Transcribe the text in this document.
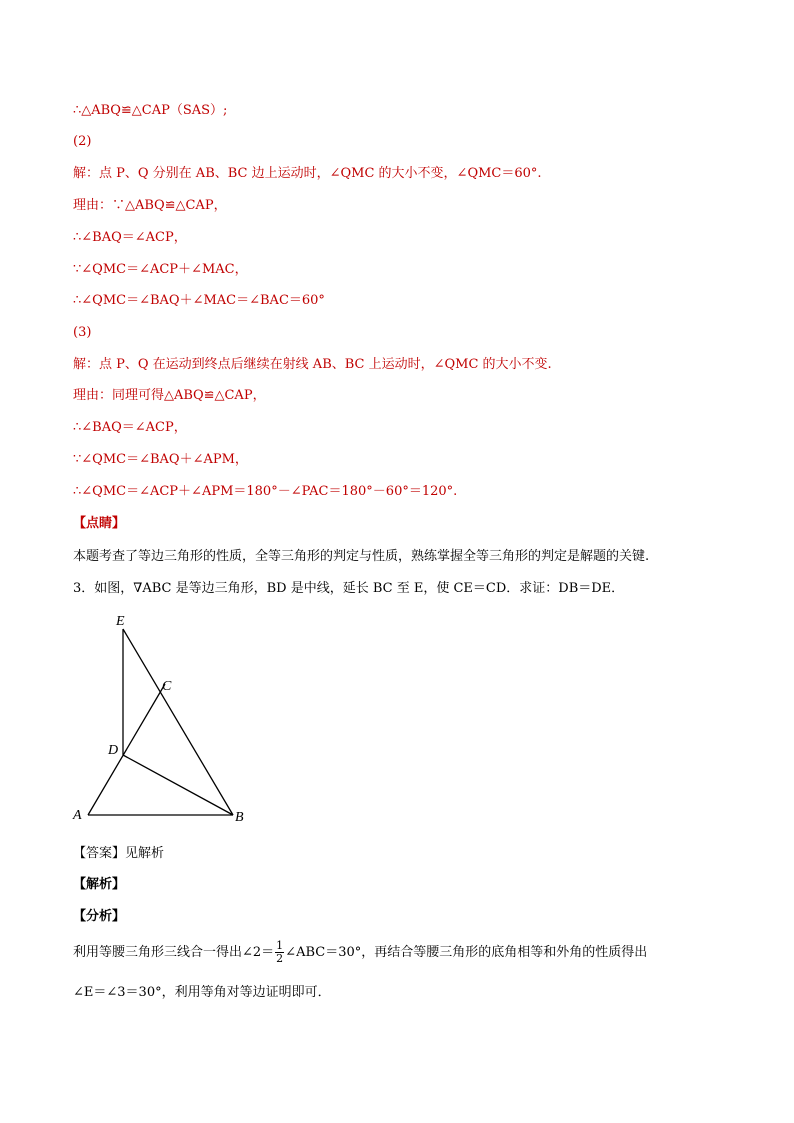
∴△ABQ≌△CAP（SAS）;
(2)
解：点 P、Q 分别在 AB、BC 边上运动时，∠QMC 的大小不变，∠QMC＝60°.
理由：∵△ABQ≌△CAP，
∴∠BAQ＝∠ACP，
∵∠QMC＝∠ACP＋∠MAC，
∴∠QMC＝∠BAQ＋∠MAC＝∠BAC＝60°
(3)
解：点 P、Q 在运动到终点后继续在射线 AB、BC 上运动时，∠QMC 的大小不变.
理由：同理可得△ABQ≌△CAP，
∴∠BAQ＝∠ACP，
∵∠QMC＝∠BAQ＋∠APM，
∴∠QMC＝∠ACP＋∠APM＝180°－∠PAC＝180°－60°＝120°.
【点睛】
本题考查了等边三角形的性质，全等三角形的判定与性质，熟练掌握全等三角形的判定是解题的关键.
3．如图，∇ABC 是等边三角形，BD 是中线，延长 BC 至 E，使 CE＝CD．求证：DB＝DE．
E
C
D
A	B
【答案】见解析
【解析】
【分析】
利用等腰三角形三线合一得出∠2＝ $\frac{1}{2}$ ∠ABC＝30°，再结合等腰三角形的底角相等和外角的性质得出
∠E＝∠3＝30°，利用等角对等边证明即可．
